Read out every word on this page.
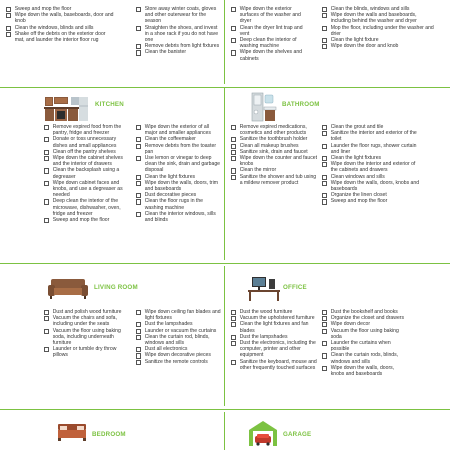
Sweep and mop the floor
Wipe down the walls, baseboards, door and knob
Clean the windows, blinds and sills
Shake off the debris on the exterior door mat, and launder the interior floor rug
Store away winter coats, gloves and other outerwear for the season
Straighten the shoes, and invest in a shoe rack if you do not have one
Remove debris from light fixtures
Clean the banister
Wipe down the exterior surfaces of the washer and dryer
Clean the dryer lint trap and vent
Deep clean the interior of washing machine
Wipe down the shelves and cabinets
Clean the blinds, windows and sills
Wipe down the walls and baseboards, including behind the washer and dryer
Mop the floor, including under the washer and drier
Clean the light fixture
Wipe down the door and knob
KITCHEN
Remove expired food from the pantry, fridge and freezer
Donate or toss unnecessary dishes and small appliances
Clean off the pantry shelves
Wipe down the cabinet shelves and the interior of drawers
Clean the backsplash using a degreaser
Wipe down cabinet faces and knobs, and use a degreaser as needed
Deep clean the interior of the microwave, dishwasher, oven, fridge and freezer
Sweep and mop the floor
Wipe down the exterior of all major and smaller appliances
Clean the coffeemaker
Remove debris from the toaster pan
Use lemon or vinegar to deep clean the sink, drain and garbage disposal
Clean the light fixtures
Wipe down the walls, doors, trim and baseboards
Dust decorative pieces
Clean the floor rugs in the washing machine
Clean the interior windows, sills and blinds
BATHROOM
Remove expired medications, cosmetics and other products
Sanitize the toothbrush holder
Clean all makeup brushes
Sanitize sink, drain and faucet
Wipe down the counter and faucet knobs
Clean the mirror
Sanitize the shower and tub using a mildew remover product
Clean the grout and tile
Sanitize the interior and exterior of the toilet
Launder the floor rugs, shower curtain and liner
Clean the light fixtures
Wipe down the interior and exterior of the cabinets and drawers
Clean windows and sills
Wipe down the walls, doors, knobs and baseboards
Organize the linen closet
Sweep and mop the floor
LIVING ROOM
Dust and polish wood furniture
Vacuum the chairs and sofa, including under the seats
Vacuum the floor using baking soda, including underneath furniture
Launder or tumble dry throw pillows
Wipe down ceiling fan blades and light fixtures
Dust the lampshades
Launder or vacuum the curtains
Clean the curtain rod, blinds, windows and sills
Dust all electronics
Wipe down decorative pieces
Sanitize the remote controls
OFFICE
Dust the wood furniture
Vacuum the upholstered furniture
Clean the light fixtures and fan blades
Dust the lampshades
Dust the electronics, including the computer, printer and other equipment
Sanitize the keyboard, mouse and other frequently touched surfaces
Dust the bookshelf and books
Organize the closet and drawers
Wipe down decor
Vacuum the floor using baking soda
Launder the curtains when possible
Clean the curtain rods, blinds, windows and sills
Wipe down the walls, doors, knobs and baseboards
BEDROOM	GARAGE
